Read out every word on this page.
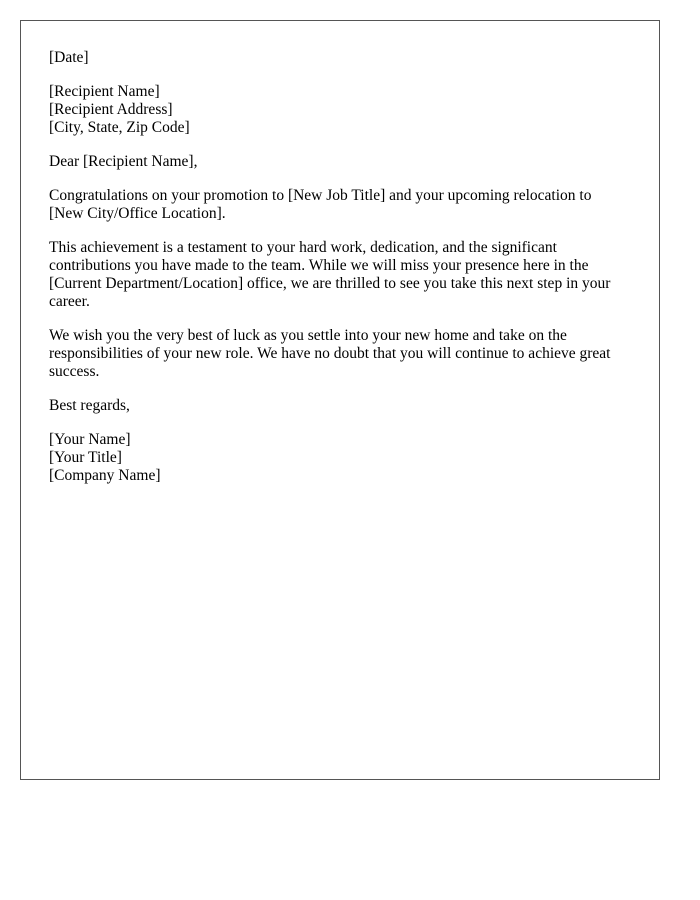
[Date]
[Recipient Name]
[Recipient Address]
[City, State, Zip Code]
Dear [Recipient Name],
Congratulations on your promotion to [New Job Title] and your upcoming relocation to
[New City/Office Location].
This achievement is a testament to your hard work, dedication, and the significant
contributions you have made to the team. While we will miss your presence here in the
[Current Department/Location] office, we are thrilled to see you take this next step in your
career.
We wish you the very best of luck as you settle into your new home and take on the
responsibilities of your new role. We have no doubt that you will continue to achieve great
success.
Best regards,
[Your Name]
[Your Title]
[Company Name]
